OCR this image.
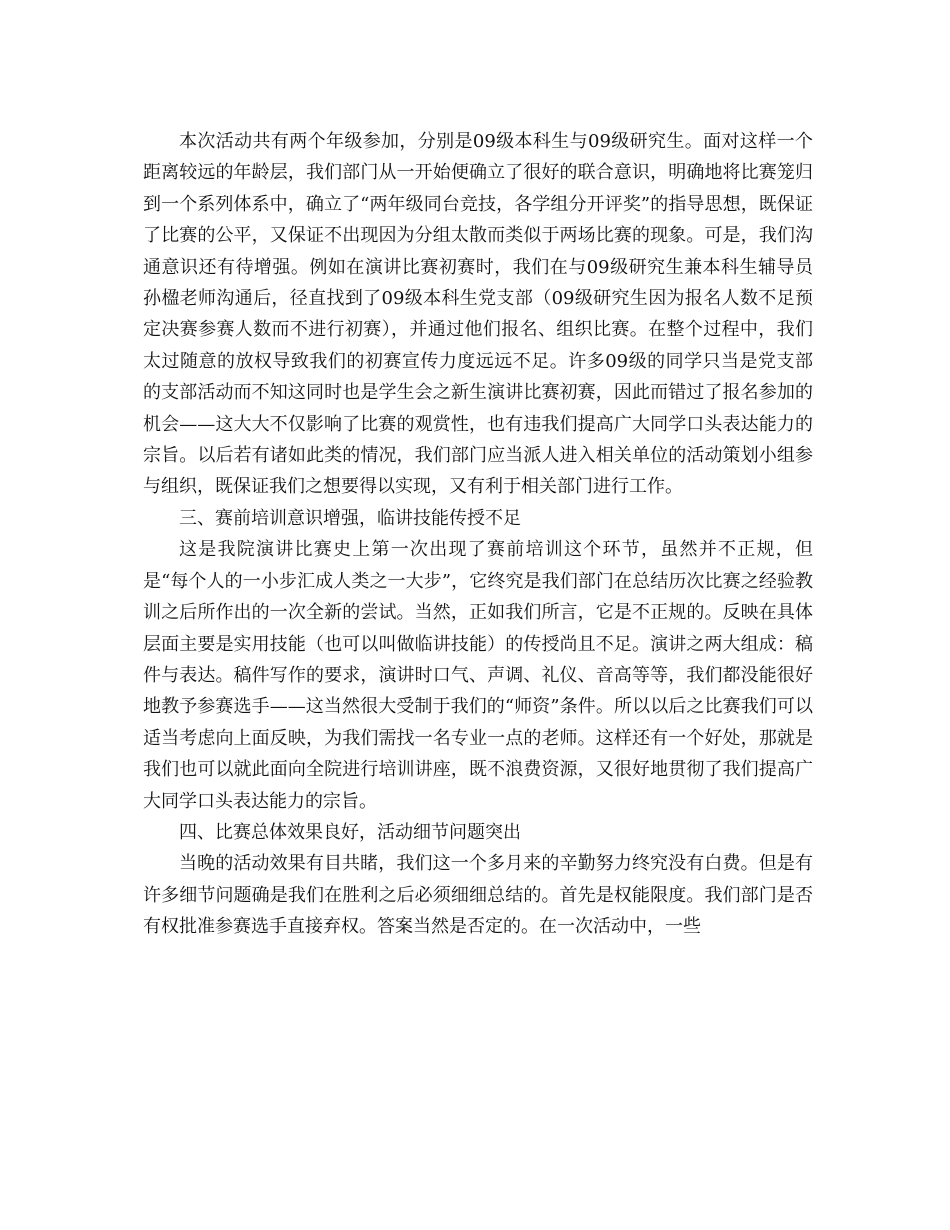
本次活动共有两个年级参加，分别是09级本科生与09级研究生。面对这样一个距离较远的年龄层，我们部门从一开始便确立了很好的联合意识，明确地将比赛笼归到一个系列体系中，确立了“两年级同台竞技，各学组分开评奖”的指导思想，既保证了比赛的公平，又保证不出现因为分组太散而类似于两场比赛的现象。可是，我们沟通意识还有待增强。例如在演讲比赛初赛时，我们在与09级研究生兼本科生辅导员孙楹老师沟通后，径直找到了09级本科生党支部（09级研究生因为报名人数不足预定决赛参赛人数而不进行初赛），并通过他们报名、组织比赛。在整个过程中，我们太过随意的放权导致我们的初赛宣传力度远远不足。许多09级的同学只当是党支部的支部活动而不知这同时也是学生会之新生演讲比赛初赛，因此而错过了报名参加的机会——这大大不仅影响了比赛的观赏性，也有违我们提高广大同学口头表达能力的宗旨。以后若有诸如此类的情况，我们部门应当派人进入相关单位的活动策划小组参与组织，既保证我们之想要得以实现，又有利于相关部门进行工作。

三、赛前培训意识增强，临讲技能传授不足

这是我院演讲比赛史上第一次出现了赛前培训这个环节，虽然并不正规，但是“每个人的一小步汇成人类之一大步”，它终究是我们部门在总结历次比赛之经验教训之后所作出的一次全新的尝试。当然，正如我们所言，它是不正规的。反映在具体层面主要是实用技能（也可以叫做临讲技能）的传授尚且不足。演讲之两大组成：稿件与表达。稿件写作的要求，演讲时口气、声调、礼仪、音高等等，我们都没能很好地教予参赛选手——这当然很大受制于我们的“师资”条件。所以以后之比赛我们可以适当考虑向上面反映，为我们需找一名专业一点的老师。这样还有一个好处，那就是我们也可以就此面向全院进行培训讲座，既不浪费资源，又很好地贯彻了我们提高广大同学口头表达能力的宗旨。

四、比赛总体效果良好，活动细节问题突出

当晚的活动效果有目共睹，我们这一个多月来的辛勤努力终究没有白费。但是有许多细节问题确是我们在胜利之后必须细细总结的。首先是权能限度。我们部门是否有权批准参赛选手直接弃权。答案当然是否定的。在一次活动中，一些
